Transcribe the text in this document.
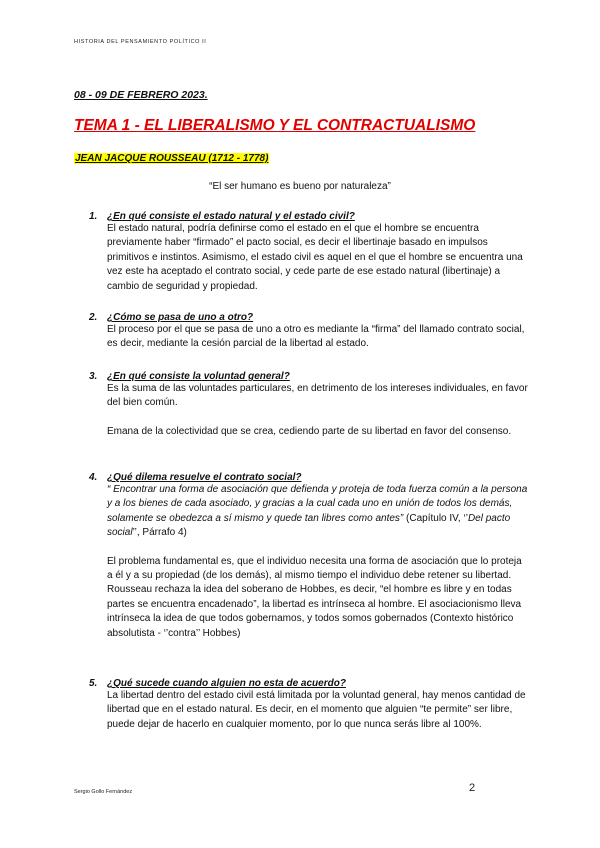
HISTORIA DEL PENSAMIENTO POLÍTICO II
08 - 09 DE FEBRERO 2023.
TEMA 1 - EL LIBERALISMO Y EL CONTRACTUALISMO
JEAN JACQUE ROUSSEAU (1712 - 1778)
“El ser humano es bueno por naturaleza”
1. ¿En qué consiste el estado natural y el estado civil?

El estado natural, podría definirse como el estado en el que el hombre se encuentra previamente haber “firmado” el pacto social, es decir el libertinaje basado en impulsos primitivos e instintos. Asimismo, el estado civil es aquel en el que el hombre se encuentra una vez este ha aceptado el contrato social, y cede parte de ese estado natural (libertinaje) a cambio de seguridad y propiedad.

2. ¿Cómo se pasa de uno a otro?

El proceso por el que se pasa de uno a otro es mediante la “firma” del llamado contrato social, es decir, mediante la cesión parcial de la libertad al estado.

3. ¿En qué consiste la voluntad general?

Es la suma de las voluntades particulares, en detrimento de los intereses individuales, en favor del bien común.

Emana de la colectividad que se crea, cediendo parte de su libertad en favor del consenso.

4. ¿Qué dilema resuelve el contrato social?

“ Encontrar una forma de asociación que defienda y proteja de toda fuerza común a la persona y a los bienes de cada asociado, y gracias a la cual cada uno en unión de todos los demás, solamente se obedezca a sí mismo y quede tan libres como antes” (Capítulo IV, ‘’Del pacto social’’, Párrafo 4)

El problema fundamental es, que el individuo necesita una forma de asociación que lo proteja a él y a su propiedad (de los demás), al mismo tiempo el individuo debe retener su libertad. Rousseau rechaza la idea del soberano de Hobbes, es decir, “el hombre es libre y en todas partes se encuentra encadenado”, la libertad es intrínseca al hombre. El asociacionismo lleva intrínseca la idea de que todos gobernamos, y todos somos gobernados (Contexto histórico absolutista - ‘’contra’’ Hobbes)

5. ¿Qué sucede cuando alguien no esta de acuerdo?

La libertad dentro del estado civil está limitada por la voluntad general, hay menos cantidad de libertad que en el estado natural. Es decir, en el momento que alguien “te permite” ser libre, puede dejar de hacerlo en cualquier momento, por lo que nunca serás libre al 100%.

Sergio Gollo Fernández	2
